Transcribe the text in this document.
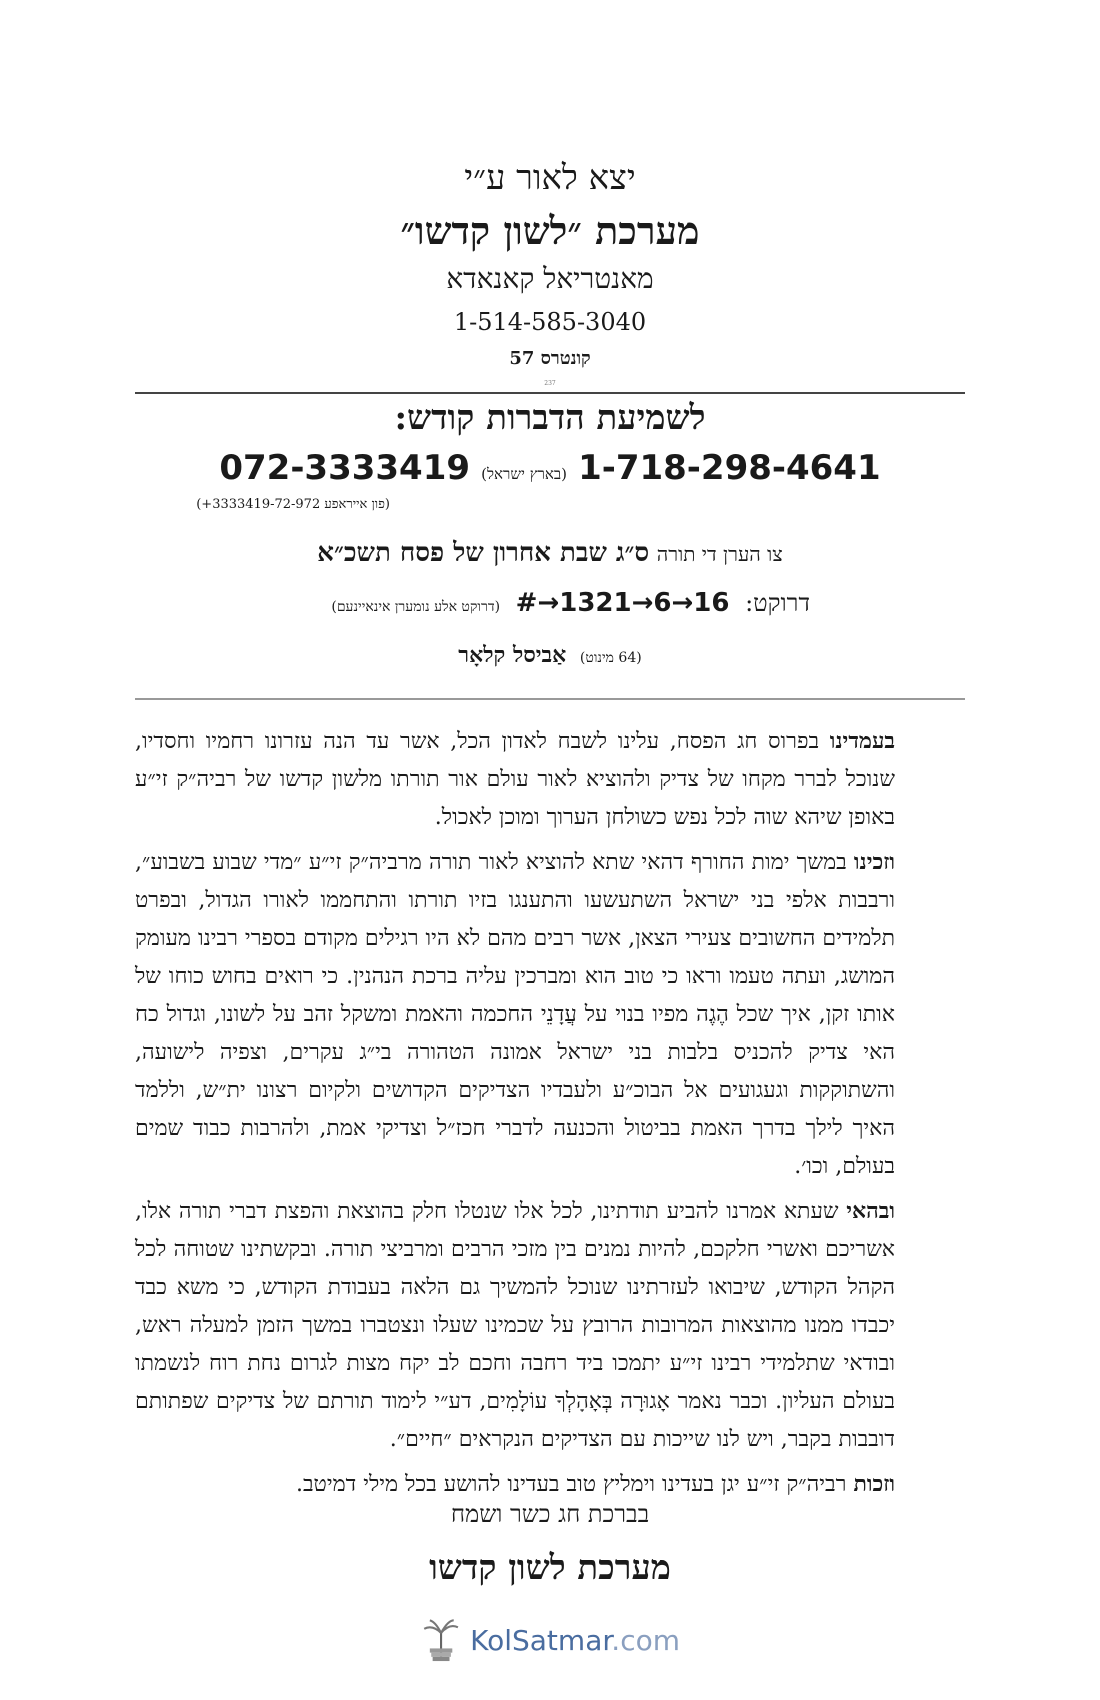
יצא לאור ע״י
מערכת ״לשון קדשו״
מאנטריאל קאנאדא
1-514-585-3040
קונטרס 57
237
לשמיעת הדברות קודש:
072-3333419 (בארץ ישראל) 1-718-298-4641
(פון אייראפע 3333419-72-972+)
צו הערן די תורה ס״ג שבת אחרון של פסח תשכ״א
דרוקט: #→1321→6→16 (דרוקט אלע נומערן אינאיינעם)
(64 מינוט) אַביסל קלאָר

בעמדינו בפרוס חג הפסח, עלינו לשבח לאדון הכל, אשר עד הנה עזרונו רחמיו וחסדיו, שנוכל לברר מקחו של צדיק ולהוציא לאור עולם אור תורתו מלשון קדשו של רביה״ק זי״ע באופן שיהא שוה לכל נפש כשולחן הערוך ומוכן לאכול.

וזכינו במשך ימות החורף דהאי שתא להוציא לאור תורה מרביה״ק זי״ע ״מדי שבוע בשבוע״, ורבבות אלפי בני ישראל השתעשעו והתענגו בזיו תורתו והתחממו לאורו הגדול, ובפרט תלמידים החשובים צעירי הצאן, אשר רבים מהם לא היו רגילים מקודם בספרי רבינו מעומק המושג, ועתה טעמו וראו כי טוב הוא ומברכין עליה ברכת הנהנין. כי רואים בחוש כוחו של אותו זקן, איך שכל הֶגֶה מפיו בנוי על עֲדָנֵי החכמה והאמת ומשקל זהב על לשונו, וגדול כח האי צדיק להכניס בלבות בני ישראל אמונה הטהורה בי״ג עקרים, וצפיה לישועה, והשתוקקות וגעגועים אל הבוכ״ע ולעבדיו הצדיקים הקדושים ולקיום רצונו ית״ש, וללמד האיך לילך בדרך האמת בביטול והכנעה לדברי חכז״ל וצדיקי אמת, ולהרבות כבוד שמים בעולם, וכו׳.

ובהאי שעתא אמרנו להביע תודתינו, לכל אלו שנטלו חלק בהוצאת והפצת דברי תורה אלו, אשריכם ואשרי חלקכם, להיות נמנים בין מזכי הרבים ומרביצי תורה. ובקשתינו שטוחה לכל הקהל הקודש, שיבואו לעזרתינו שנוכל להמשיך גם הלאה בעבודת הקודש, כי משא כבד יכבדו ממנו מהוצאות המרובות הרובץ על שכמינו שעלו ונצטברו במשך הזמן למעלה ראש, ובודאי שתלמידי רבינו זי״ע יתמכו ביד רחבה וחכם לב יקח מצות לגרום נחת רוח לנשמתו בעולם העליון. וכבר נאמר אָגוּרָה בְּאָהָלְךָ עוֹלָמִים, דע״י לימוד תורתם של צדיקים שפתותם דובבות בקבר, ויש לנו שייכות עם הצדיקים הנקראים ״חיים״.

וזכות רביה״ק זי״ע יגן בעדינו וימליץ טוב בעדינו להושע בכל מילי דמיטב.

בברכת חג כשר ושמח
מערכת לשון קדשו
KolSatmar.com
